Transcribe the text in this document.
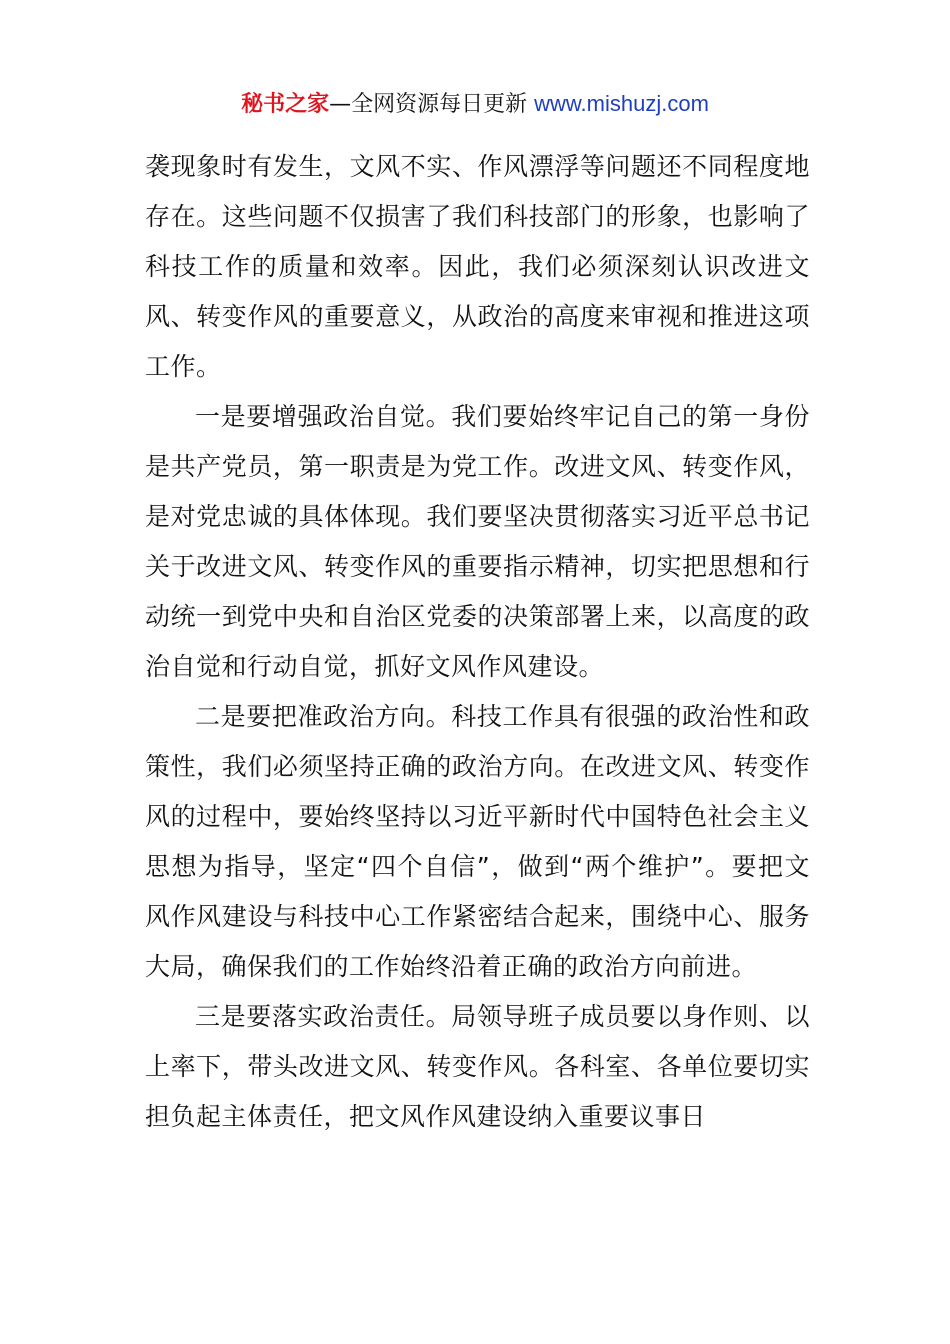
秘书之家—全网资源每日更新 www.mishuzj.com

袭现象时有发生，文风不实、作风漂浮等问题还不同程度地存在。这些问题不仅损害了我们科技部门的形象，也影响了科技工作的质量和效率。因此，我们必须深刻认识改进文风、转变作风的重要意义，从政治的高度来审视和推进这项工作。

一是要增强政治自觉。我们要始终牢记自己的第一身份是共产党员，第一职责是为党工作。改进文风、转变作风，是对党忠诚的具体体现。我们要坚决贯彻落实习近平总书记关于改进文风、转变作风的重要指示精神，切实把思想和行动统一到党中央和自治区党委的决策部署上来，以高度的政治自觉和行动自觉，抓好文风作风建设。

二是要把准政治方向。科技工作具有很强的政治性和政策性，我们必须坚持正确的政治方向。在改进文风、转变作风的过程中，要始终坚持以习近平新时代中国特色社会主义思想为指导，坚定“四个自信”，做到“两个维护”。要把文风作风建设与科技中心工作紧密结合起来，围绕中心、服务大局，确保我们的工作始终沿着正确的政治方向前进。

三是要落实政治责任。局领导班子成员要以身作则、以上率下，带头改进文风、转变作风。各科室、各单位要切实担负起主体责任，把文风作风建设纳入重要议事日
